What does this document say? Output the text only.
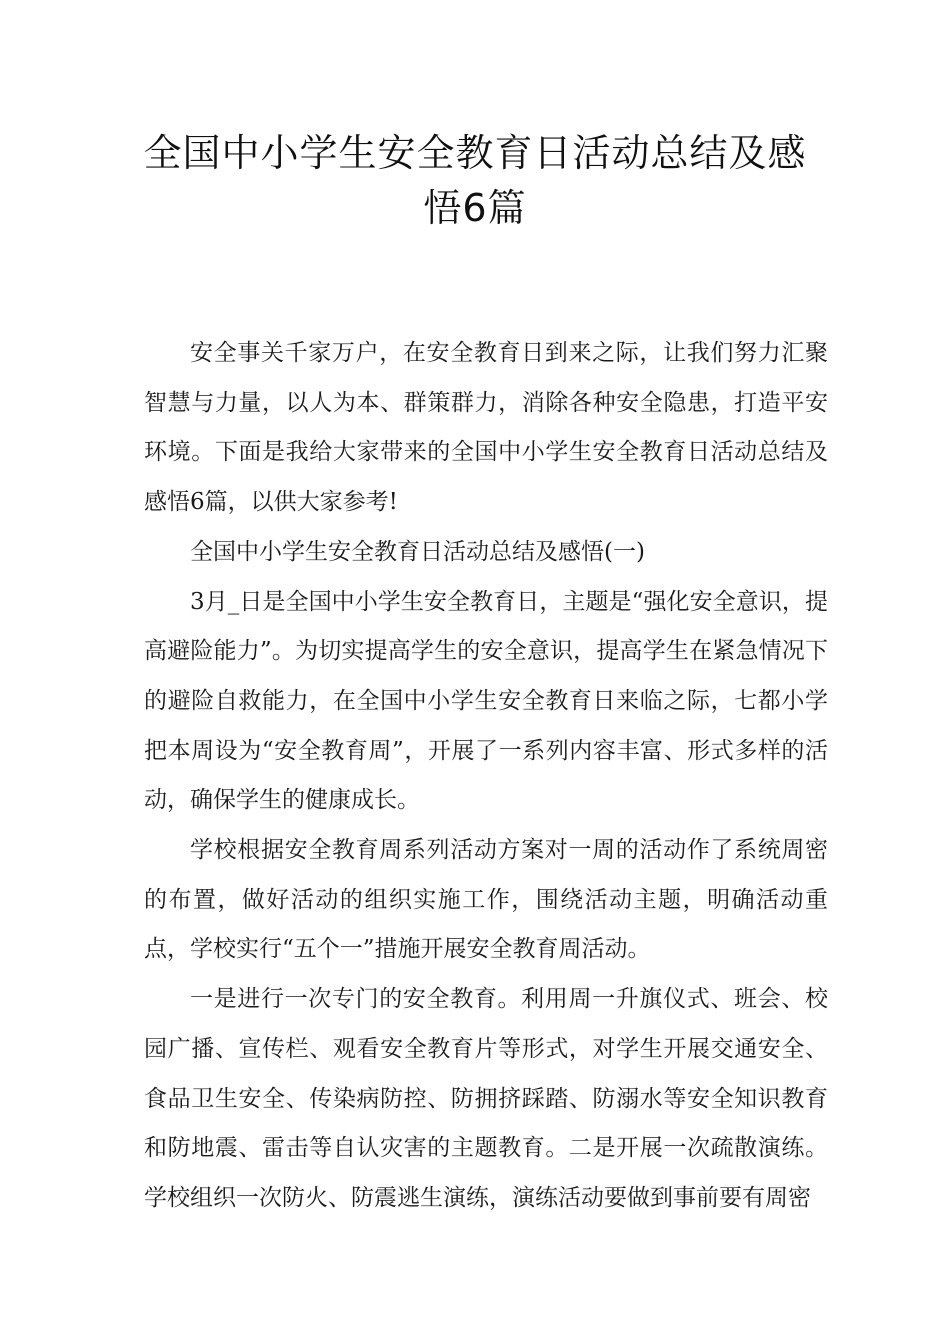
全国中小学生安全教育日活动总结及感
悟6篇

安全事关千家万户，在安全教育日到来之际，让我们努力汇聚智慧与力量，以人为本、群策群力，消除各种安全隐患，打造平安环境。下面是我给大家带来的全国中小学生安全教育日活动总结及感悟6篇，以供大家参考!

全国中小学生安全教育日活动总结及感悟(一)

3月_日是全国中小学生安全教育日，主题是“强化安全意识，提高避险能力”。为切实提高学生的安全意识，提高学生在紧急情况下的避险自救能力，在全国中小学生安全教育日来临之际，七都小学把本周设为“安全教育周”，开展了一系列内容丰富、形式多样的活动，确保学生的健康成长。

学校根据安全教育周系列活动方案对一周的活动作了系统周密的布置，做好活动的组织实施工作，围绕活动主题，明确活动重点，学校实行“五个一”措施开展安全教育周活动。

一是进行一次专门的安全教育。利用周一升旗仪式、班会、校园广播、宣传栏、观看安全教育片等形式，对学生开展交通安全、食品卫生安全、传染病防控、防拥挤踩踏、防溺水等安全知识教育和防地震、雷击等自认灾害的主题教育。二是开展一次疏散演练。学校组织一次防火、防震逃生演练，演练活动要做到事前要有周密
